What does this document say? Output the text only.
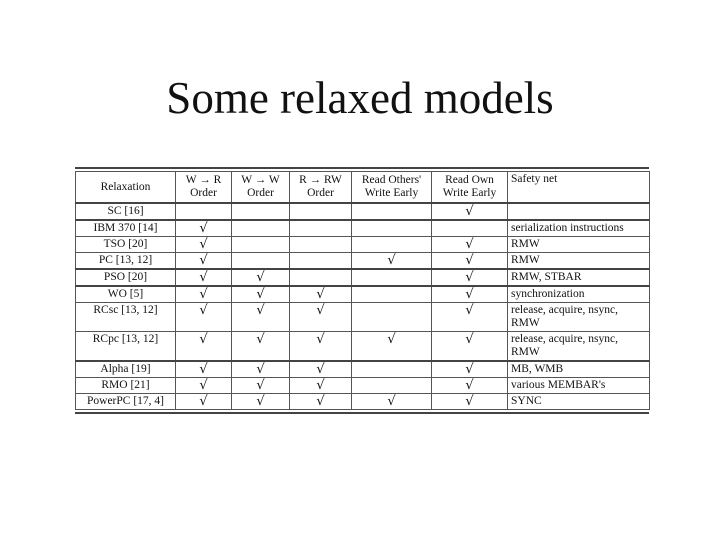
Some relaxed models
Relaxation	W → R Order	W → W Order	R → RW Order	Read Others' Write Early	Read Own Write Early	Safety net
SC [16]					√	
IBM 370 [14]	√					serialization instructions
TSO [20]	√				√	RMW
PC [13, 12]	√			√	√	RMW
PSO [20]	√	√			√	RMW, STBAR
WO [5]	√	√	√		√	synchronization
RCsc [13, 12]	√	√	√		√	release, acquire, nsync, RMW
RCpc [13, 12]	√	√	√	√	√	release, acquire, nsync, RMW
Alpha [19]	√	√	√		√	MB, WMB
RMO [21]	√	√	√		√	various MEMBAR's
PowerPC [17, 4]	√	√	√	√	√	SYNC
